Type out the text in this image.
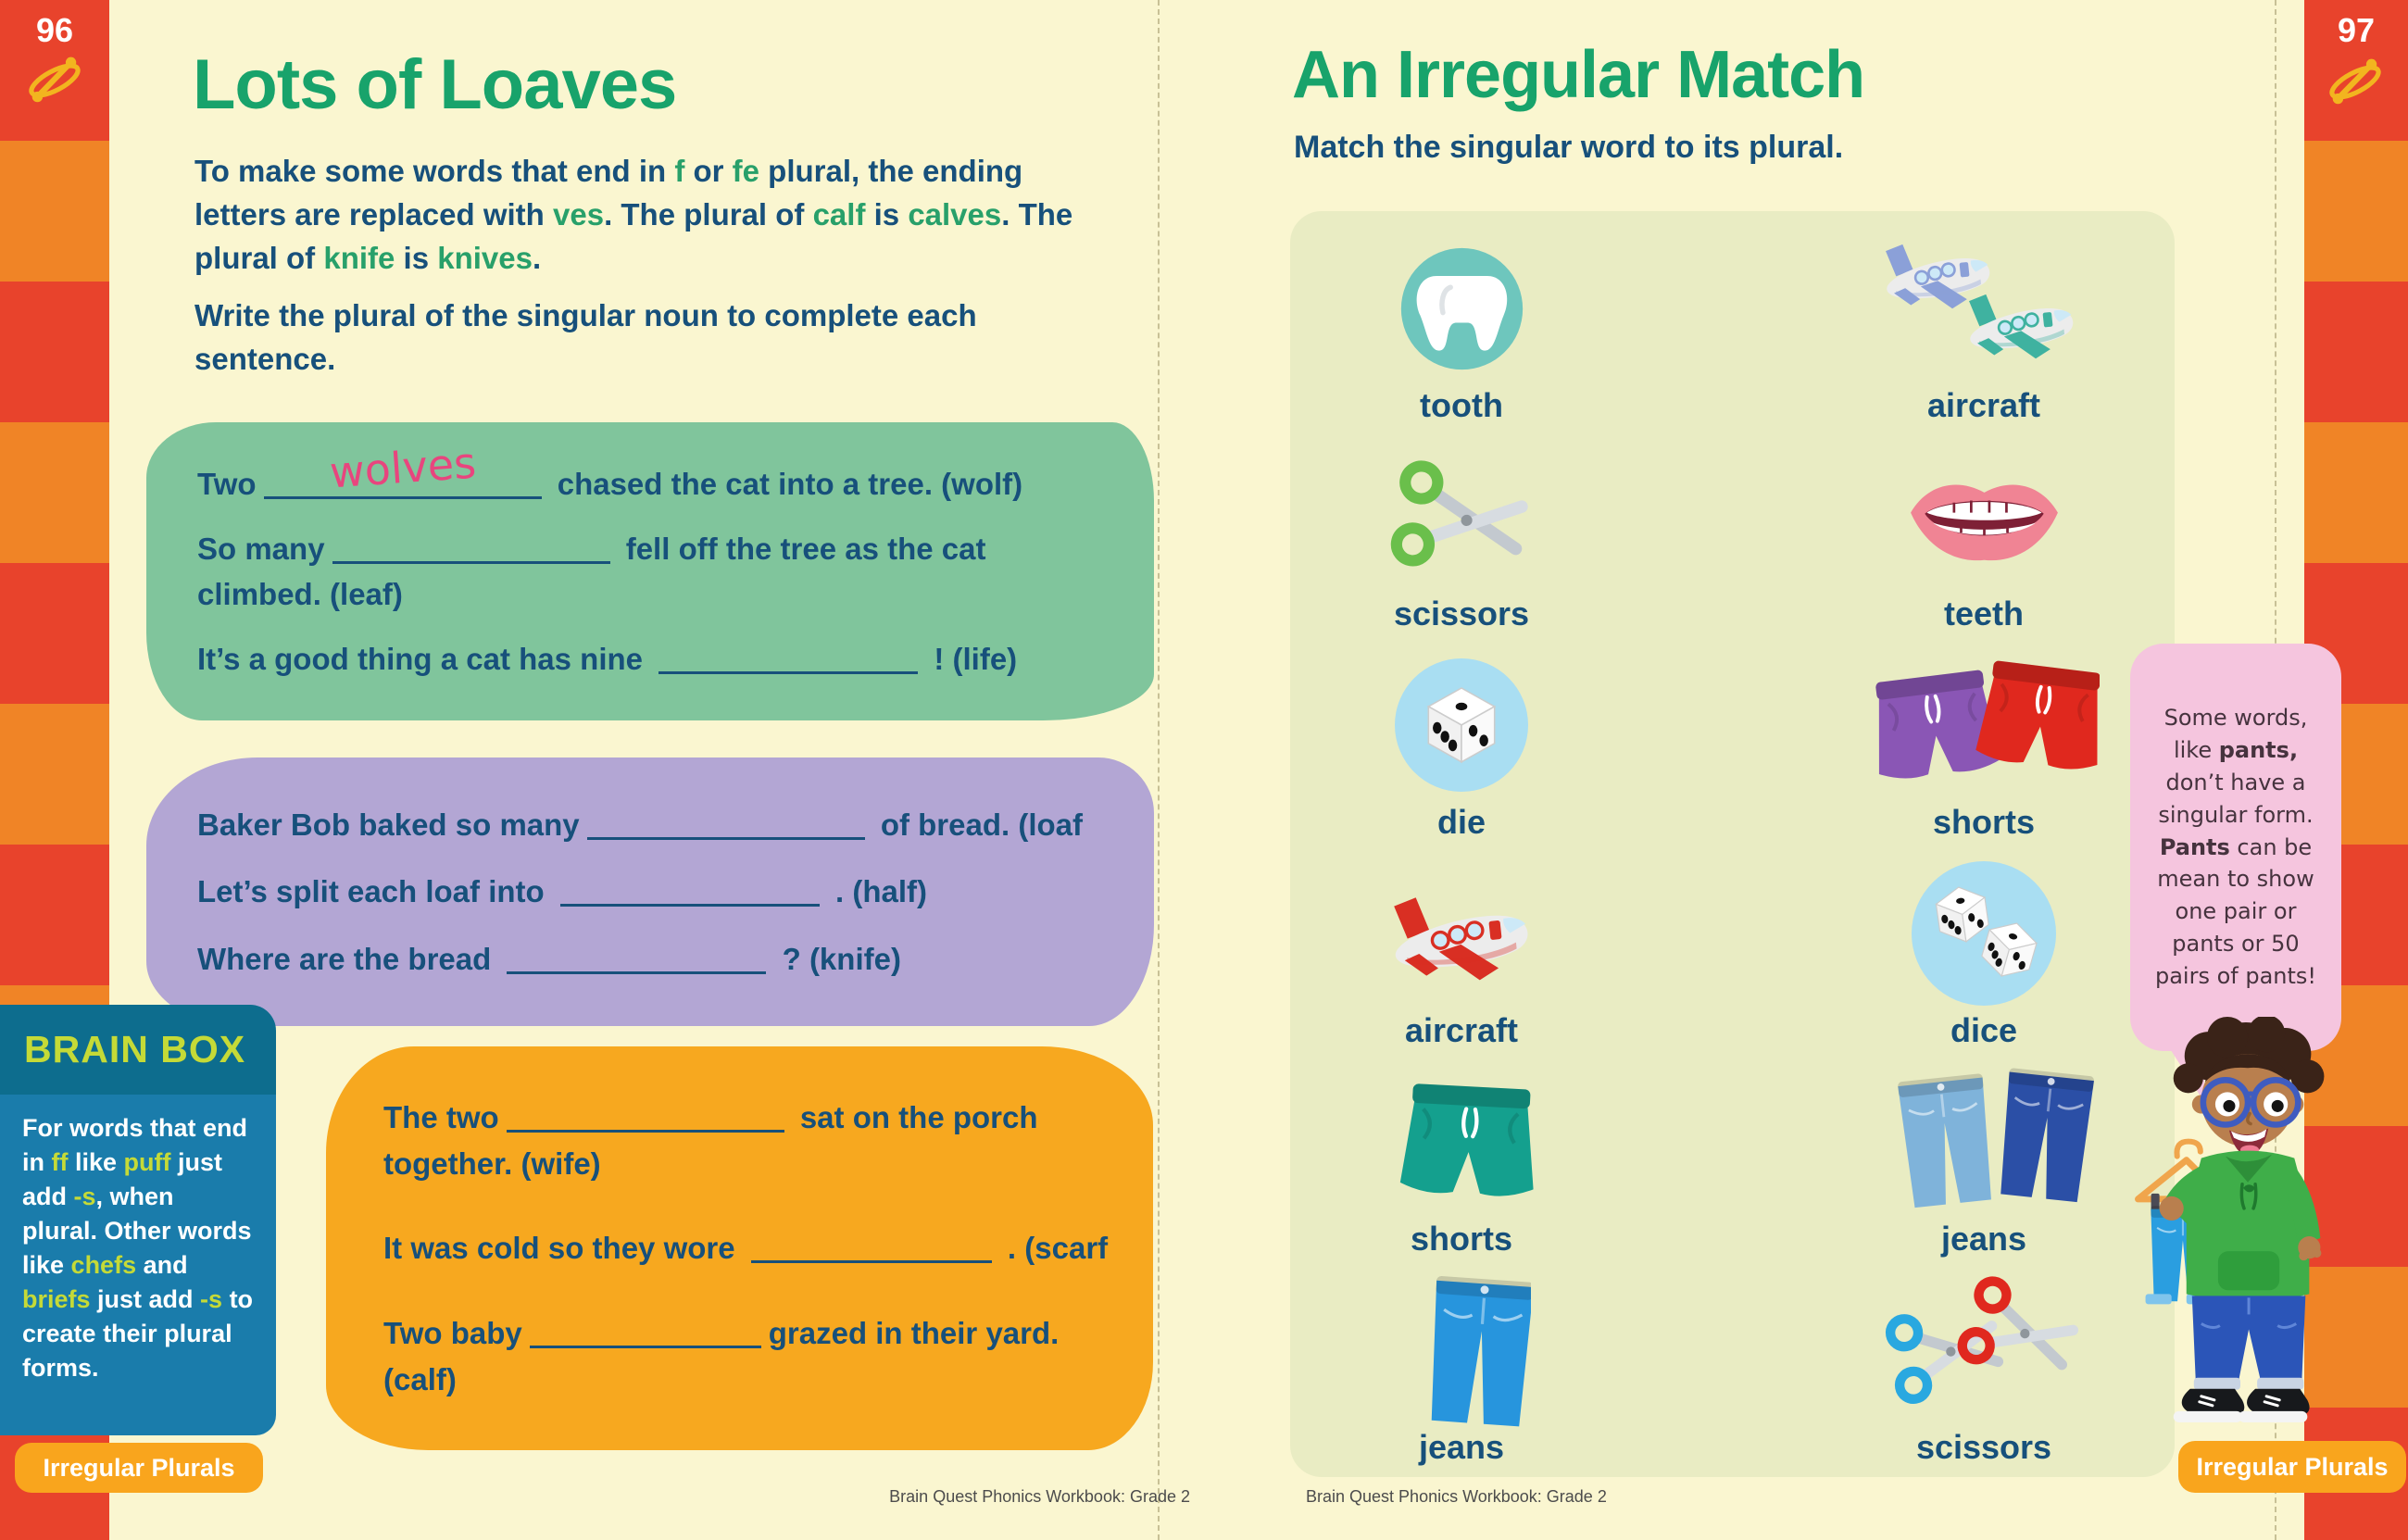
96	97
Lots of Loaves
To make some words that end in f or fe plural, the ending letters are replaced with ves. The plural of calf is calves. The plural of knife is knives.
Write the plural of the singular noun to complete each sentence.
Two wolves chased the cat into a tree. (wolf)
So many	fell off the tree as the cat climbed. (leaf)
It’s a good thing a cat has nine	! (life)
Baker Bob baked so many	of bread. (loaf
Let’s split each loaf into	. (half)
Where are the bread	? (knife)
The two	sat on the porch together. (wife)
It was cold so they wore	. (scarf
Two baby	grazed in their yard. (calf)
BRAIN BOX
For words that end in ff like puff just add -s, when plural. Other words like chefs and briefs just add -s to create their plural forms.
Irregular Plurals
Brain Quest Phonics Workbook: Grade 2
An Irregular Match
Match the singular word to its plural.
tooth
scissors
die
aircraft
shorts
jeans
aircraft
teeth
shorts
dice
jeans
scissors
Some words, like pants, don’t have a singular form. Pants can be mean to show one pair or pants or 50 pairs of pants!
Irregular Plurals
Brain Quest Phonics Workbook: Grade 2
